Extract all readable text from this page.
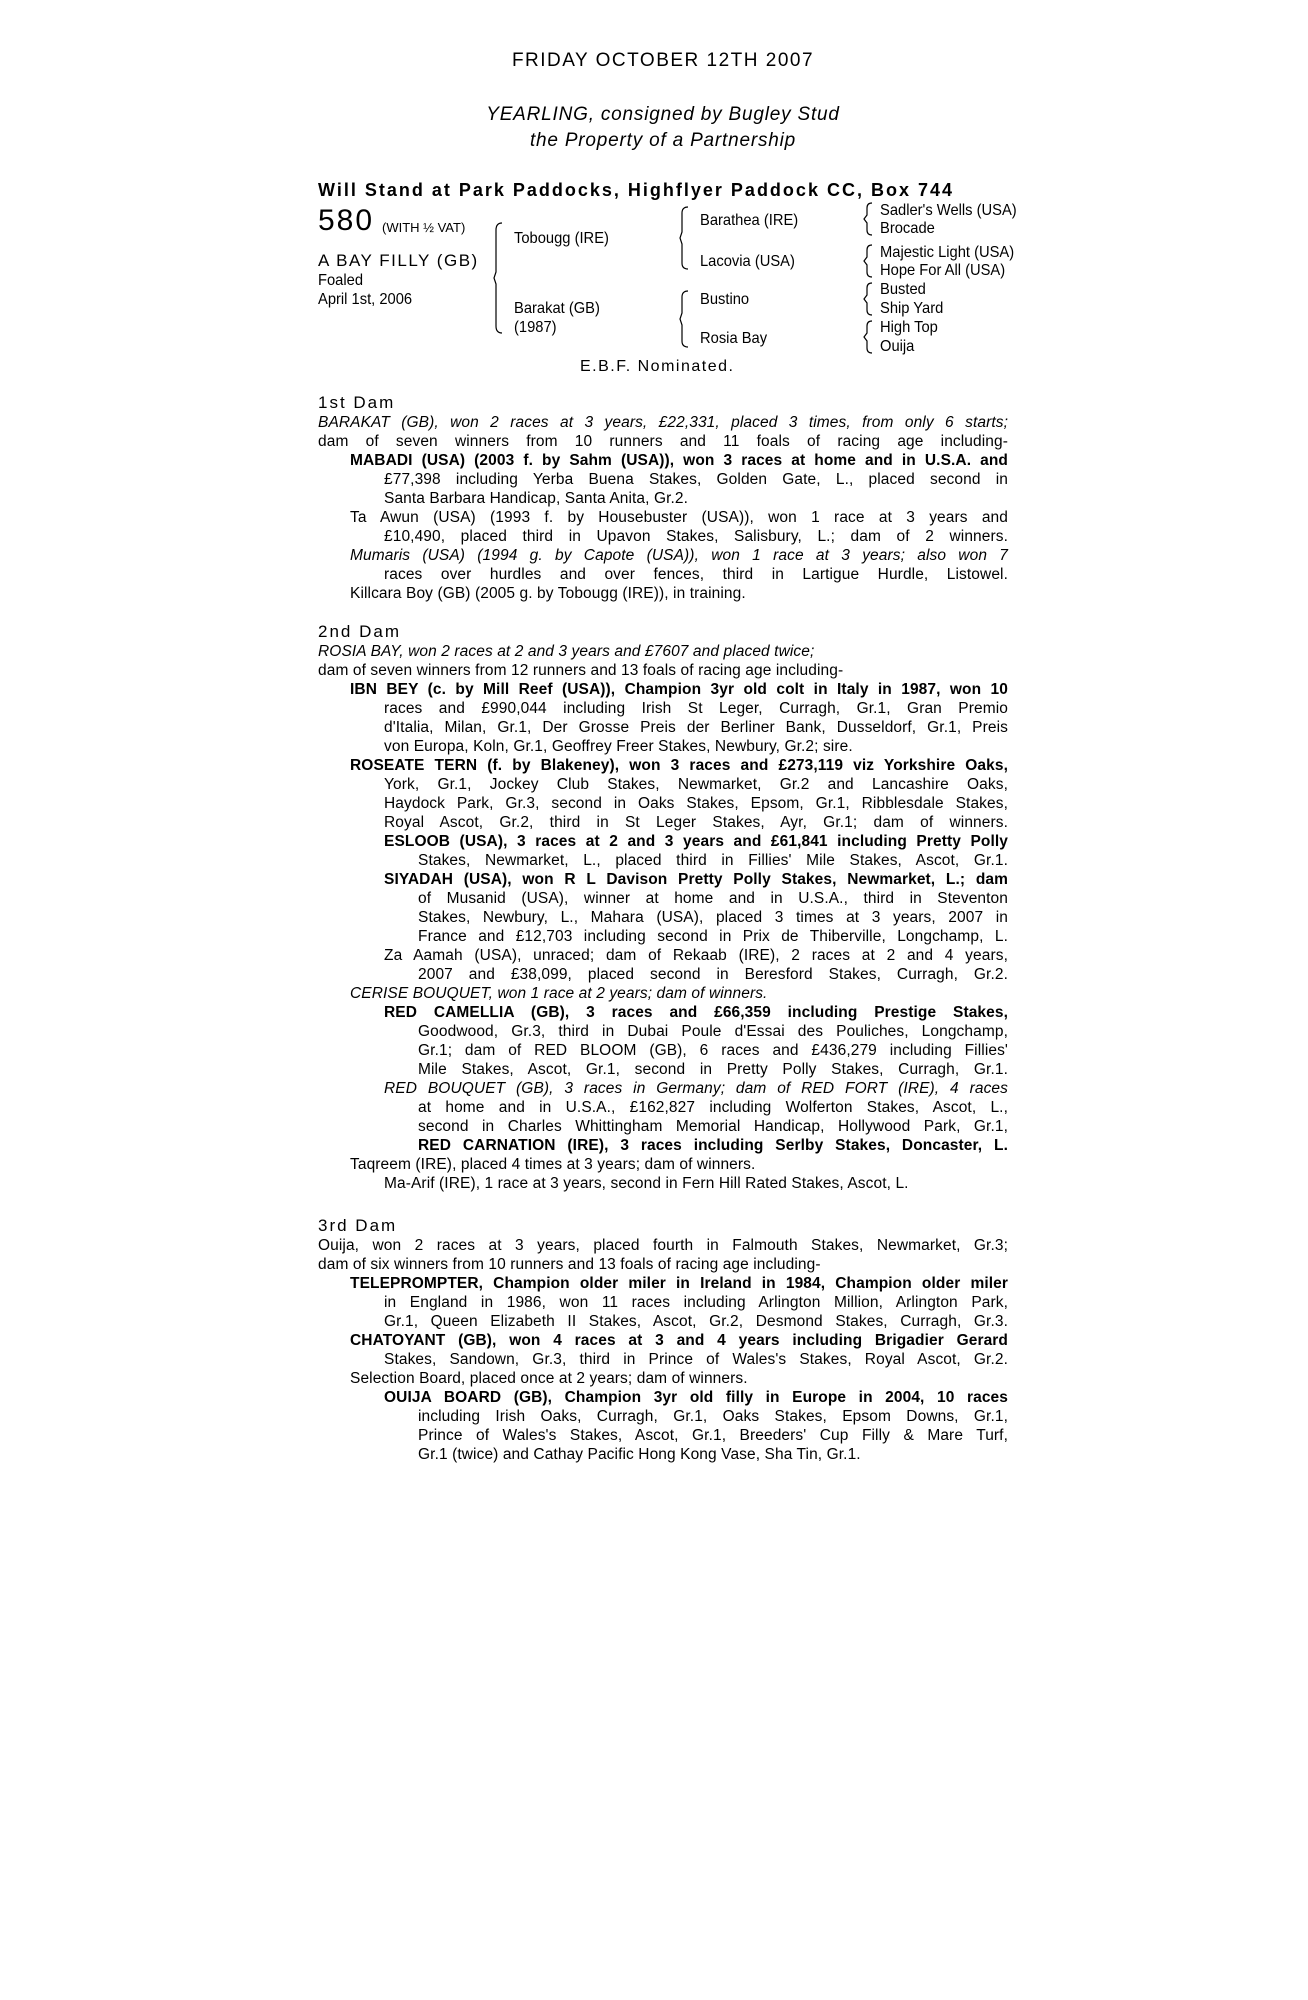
FRIDAY OCTOBER 12TH 2007
YEARLING, consigned by Bugley Stud
the Property of a Partnership
Will Stand at Park Paddocks, Highflyer Paddock CC, Box 744
580 (WITH ½ VAT)
A BAY FILLY (GB)
Foaled
April 1st, 2006
Tobougg (IRE)
Barakat (GB)
(1987)
Barathea (IRE)
Lacovia (USA)
Bustino
Rosia Bay
Sadler's Wells (USA)
Brocade
Majestic Light (USA)
Hope For All (USA)
Busted
Ship Yard
High Top
Ouija
E.B.F. Nominated.
1st Dam
BARAKAT (GB), won 2 races at 3 years, £22,331, placed 3 times, from only 6 starts;
dam of seven winners from 10 runners and 11 foals of racing age including-
MABADI (USA) (2003 f. by Sahm (USA)), won 3 races at home and in U.S.A. and
£77,398 including Yerba Buena Stakes, Golden Gate, L., placed second in
Santa Barbara Handicap, Santa Anita, Gr.2.
Ta Awun (USA) (1993 f. by Housebuster (USA)), won 1 race at 3 years and
£10,490, placed third in Upavon Stakes, Salisbury, L.; dam of 2 winners.
Mumaris (USA) (1994 g. by Capote (USA)), won 1 race at 3 years; also won 7
races over hurdles and over fences, third in Lartigue Hurdle, Listowel.
Killcara Boy (GB) (2005 g. by Tobougg (IRE)), in training.
2nd Dam
ROSIA BAY, won 2 races at 2 and 3 years and £7607 and placed twice;
dam of seven winners from 12 runners and 13 foals of racing age including-
IBN BEY (c. by Mill Reef (USA)), Champion 3yr old colt in Italy in 1987, won 10
races and £990,044 including Irish St Leger, Curragh, Gr.1, Gran Premio
d'Italia, Milan, Gr.1, Der Grosse Preis der Berliner Bank, Dusseldorf, Gr.1, Preis
von Europa, Koln, Gr.1, Geoffrey Freer Stakes, Newbury, Gr.2; sire.
ROSEATE TERN (f. by Blakeney), won 3 races and £273,119 viz Yorkshire Oaks,
York, Gr.1, Jockey Club Stakes, Newmarket, Gr.2 and Lancashire Oaks,
Haydock Park, Gr.3, second in Oaks Stakes, Epsom, Gr.1, Ribblesdale Stakes,
Royal Ascot, Gr.2, third in St Leger Stakes, Ayr, Gr.1; dam of winners.
ESLOOB (USA), 3 races at 2 and 3 years and £61,841 including Pretty Polly
Stakes, Newmarket, L., placed third in Fillies' Mile Stakes, Ascot, Gr.1.
SIYADAH (USA), won R L Davison Pretty Polly Stakes, Newmarket, L.; dam
of Musanid (USA), winner at home and in U.S.A., third in Steventon
Stakes, Newbury, L., Mahara (USA), placed 3 times at 3 years, 2007 in
France and £12,703 including second in Prix de Thiberville, Longchamp, L.
Za Aamah (USA), unraced; dam of Rekaab (IRE), 2 races at 2 and 4 years,
2007 and £38,099, placed second in Beresford Stakes, Curragh, Gr.2.
CERISE BOUQUET, won 1 race at 2 years; dam of winners.
RED CAMELLIA (GB), 3 races and £66,359 including Prestige Stakes,
Goodwood, Gr.3, third in Dubai Poule d'Essai des Pouliches, Longchamp,
Gr.1; dam of RED BLOOM (GB), 6 races and £436,279 including Fillies'
Mile Stakes, Ascot, Gr.1, second in Pretty Polly Stakes, Curragh, Gr.1.
RED BOUQUET (GB), 3 races in Germany; dam of RED FORT (IRE), 4 races
at home and in U.S.A., £162,827 including Wolferton Stakes, Ascot, L.,
second in Charles Whittingham Memorial Handicap, Hollywood Park, Gr.1,
RED CARNATION (IRE), 3 races including Serlby Stakes, Doncaster, L.
Taqreem (IRE), placed 4 times at 3 years; dam of winners.
Ma-Arif (IRE), 1 race at 3 years, second in Fern Hill Rated Stakes, Ascot, L.
3rd Dam
Ouija, won 2 races at 3 years, placed fourth in Falmouth Stakes, Newmarket, Gr.3;
dam of six winners from 10 runners and 13 foals of racing age including-
TELEPROMPTER, Champion older miler in Ireland in 1984, Champion older miler
in England in 1986, won 11 races including Arlington Million, Arlington Park,
Gr.1, Queen Elizabeth II Stakes, Ascot, Gr.2, Desmond Stakes, Curragh, Gr.3.
CHATOYANT (GB), won 4 races at 3 and 4 years including Brigadier Gerard
Stakes, Sandown, Gr.3, third in Prince of Wales's Stakes, Royal Ascot, Gr.2.
Selection Board, placed once at 2 years; dam of winners.
OUIJA BOARD (GB), Champion 3yr old filly in Europe in 2004, 10 races
including Irish Oaks, Curragh, Gr.1, Oaks Stakes, Epsom Downs, Gr.1,
Prince of Wales's Stakes, Ascot, Gr.1, Breeders' Cup Filly & Mare Turf,
Gr.1 (twice) and Cathay Pacific Hong Kong Vase, Sha Tin, Gr.1.
